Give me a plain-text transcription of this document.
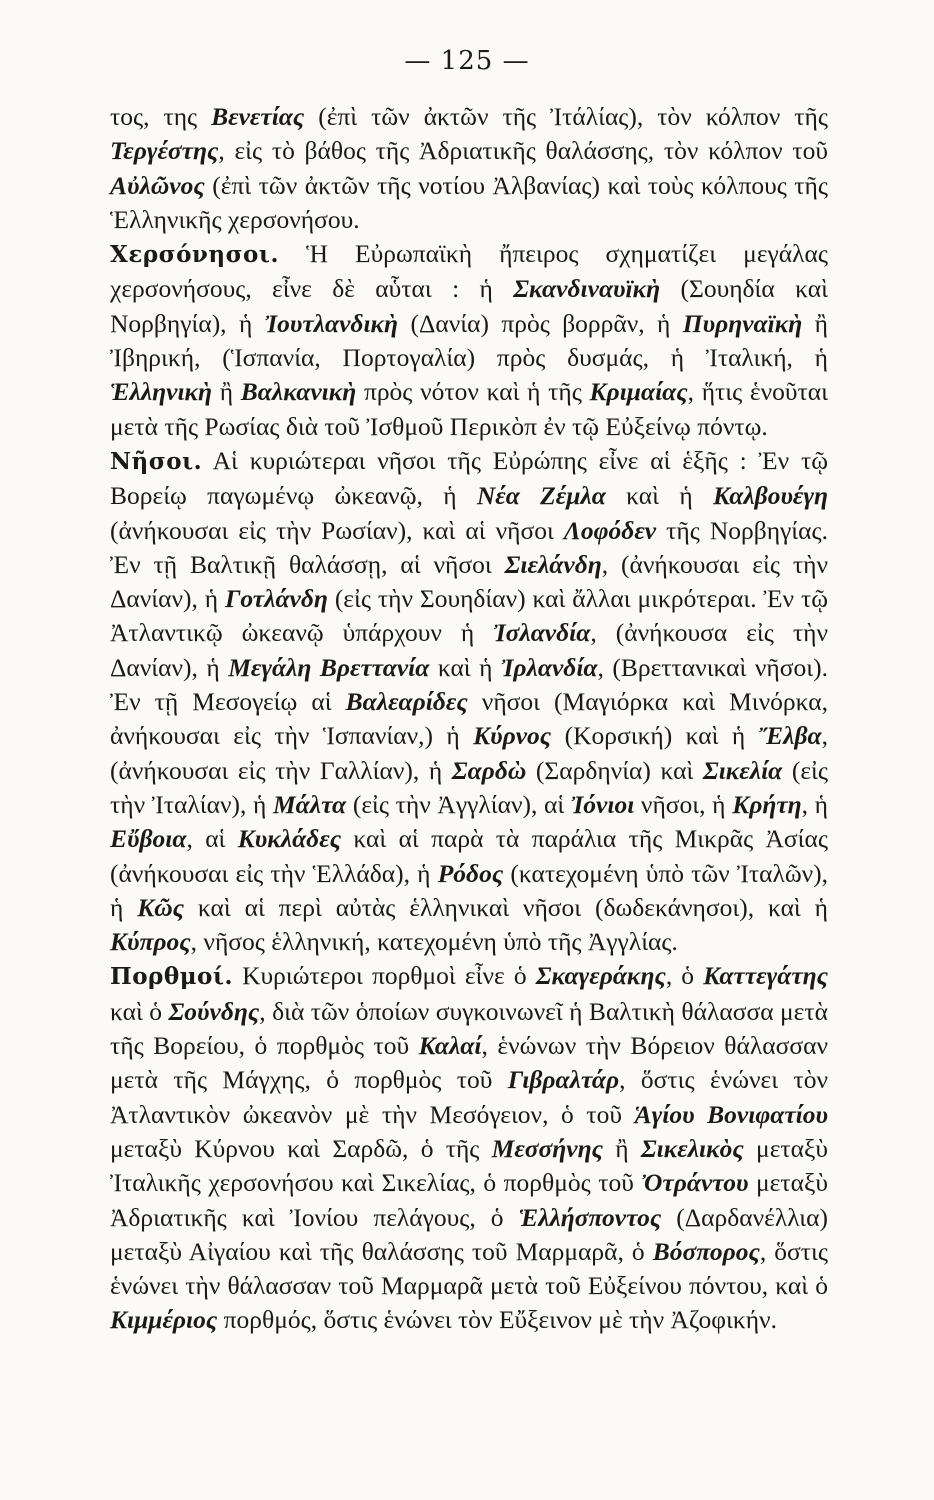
— 125 —

τος, της Βενετίας (ἐπὶ τῶν ἀκτῶν τῆς Ἰτάλίας), τὸν κόλπον τῆς Τεργέστης, εἰς τὸ βάθος τῆς Ἀδριατικῆς θαλάσσης, τὸν κόλπον τοῦ Αὐλῶνος (ἐπὶ τῶν ἀκτῶν τῆς νοτίου Ἀλβανίας) καὶ τοὺς κόλπους τῆς Ἑλληνικῆς χερσονήσου.

Χερσόνησοι. Ἡ Εὐρωπαϊκὴ ἤπειρος σχηματίζει μεγάλας χερσονήσους, εἶνε δὲ αὗται : ἡ Σκανδιναυϊκὴ (Σουηδία καὶ Νορβηγία), ἡ Ἰουτλανδικὴ (Δανία) πρὸς βορρᾶν, ἡ Πυρηναϊκὴ ἢ Ἰβηρική, (Ἱσπανία, Πορτογαλία) πρὸς δυσμάς, ἡ Ἰταλική, ἡ Ἑλληνικὴ ἢ Βαλκανικὴ πρὸς νότον καὶ ἡ τῆς Κριμαίας, ἥτις ἑνοῦται μετὰ τῆς Ρωσίας διὰ τοῦ Ἰσθμοῦ Περικὸπ ἐν τῷ Εὐξείνῳ πόντῳ.

Νῆσοι. Αἱ κυριώτεραι νῆσοι τῆς Εὐρώπης εἶνε αἱ ἑξῆς : Ἐν τῷ Βορείῳ παγωμένῳ ὠκεανῷ, ἡ Νέα Ζέμλα καὶ ἡ Καλβουέγη (ἀνήκουσαι εἰς τὴν Ρωσίαν), καὶ αἱ νῆσοι Λοφόδεν τῆς Νορβηγίας. Ἐν τῇ Βαλτικῇ θαλάσσῃ, αἱ νῆσοι Σιελάνδη, (ἀνήκουσαι εἰς τὴν Δανίαν), ἡ Γοτλάνδη (εἰς τὴν Σουηδίαν) καὶ ἄλλαι μικρότεραι. Ἐν τῷ Ἀτλαντικῷ ὠκεανῷ ὑπάρχουν ἡ Ἰσλανδία, (ἀνήκουσα εἰς τὴν Δανίαν), ἡ Μεγάλη Βρεττανία καὶ ἡ Ἰρλανδία, (Βρεττανικαὶ νῆσοι). Ἐν τῇ Μεσογείῳ αἱ Βαλεαρίδες νῆσοι (Μαγιόρκα καὶ Μινόρκα, ἀνήκουσαι εἰς τὴν Ἱσπανίαν,) ἡ Κύρνος (Κορσική) καὶ ἡ Ἔλβα, (ἀνήκουσαι εἰς τὴν Γαλλίαν), ἡ Σαρδὼ (Σαρδηνία) καὶ Σικελία (εἰς τὴν Ἰταλίαν), ἡ Μάλτα (εἰς τὴν Ἀγγλίαν), αἱ Ἰόνιοι νῆσοι, ἡ Κρήτη, ἡ Εὔβοια, αἱ Κυκλάδες καὶ αἱ παρὰ τὰ παράλια τῆς Μικρᾶς Ἀσίας (ἀνήκουσαι εἰς τὴν Ἑλλάδα), ἡ Ρόδος (κατεχομένη ὑπὸ τῶν Ἰταλῶν), ἡ Κῶς καὶ αἱ περὶ αὐτὰς ἑλληνικαὶ νῆσοι (δωδεκάνησοι), καὶ ἡ Κύπρος, νῆσος ἑλληνική, κατεχομένη ὑπὸ τῆς Ἀγγλίας.

Πορθμοί. Κυριώτεροι πορθμοὶ εἶνε ὁ Σκαγεράκης, ὁ Καττεγάτης καὶ ὁ Σούνδης, διὰ τῶν ὁποίων συγκοινωνεῖ ἡ Βαλτικὴ θάλασσα μετὰ τῆς Βορείου, ὁ πορθμὸς τοῦ Καλαί, ἑνώνων τὴν Βόρειον θάλασσαν μετὰ τῆς Μάγχης, ὁ πορθμὸς τοῦ Γιβραλτάρ, ὅστις ἑνώνει τὸν Ἀτλαντικὸν ὠκεανὸν μὲ τὴν Μεσόγειον, ὁ τοῦ Ἁγίου Βονιφατίου μεταξὺ Κύρνου καὶ Σαρδῶ, ὁ τῆς Μεσσήνης ἢ Σικελικὸς μεταξὺ Ἰταλικῆς χερσονήσου καὶ Σικελίας, ὁ πορθμὸς τοῦ Ὀτράντου μεταξὺ Ἀδριατικῆς καὶ Ἰονίου πελάγους, ὁ Ἑλλήσποντος (Δαρδανέλλια) μεταξὺ Αἰγαίου καὶ τῆς θαλάσσης τοῦ Μαρμαρᾶ, ὁ Βόσπορος, ὅστις ἑνώνει τὴν θάλασσαν τοῦ Μαρμαρᾶ μετὰ τοῦ Εὐξείνου πόντου, καὶ ὁ Κιμμέριος πορθμός, ὅστις ἑνώνει τὸν Εὔξεινον μὲ τὴν Ἀζοφικήν.
